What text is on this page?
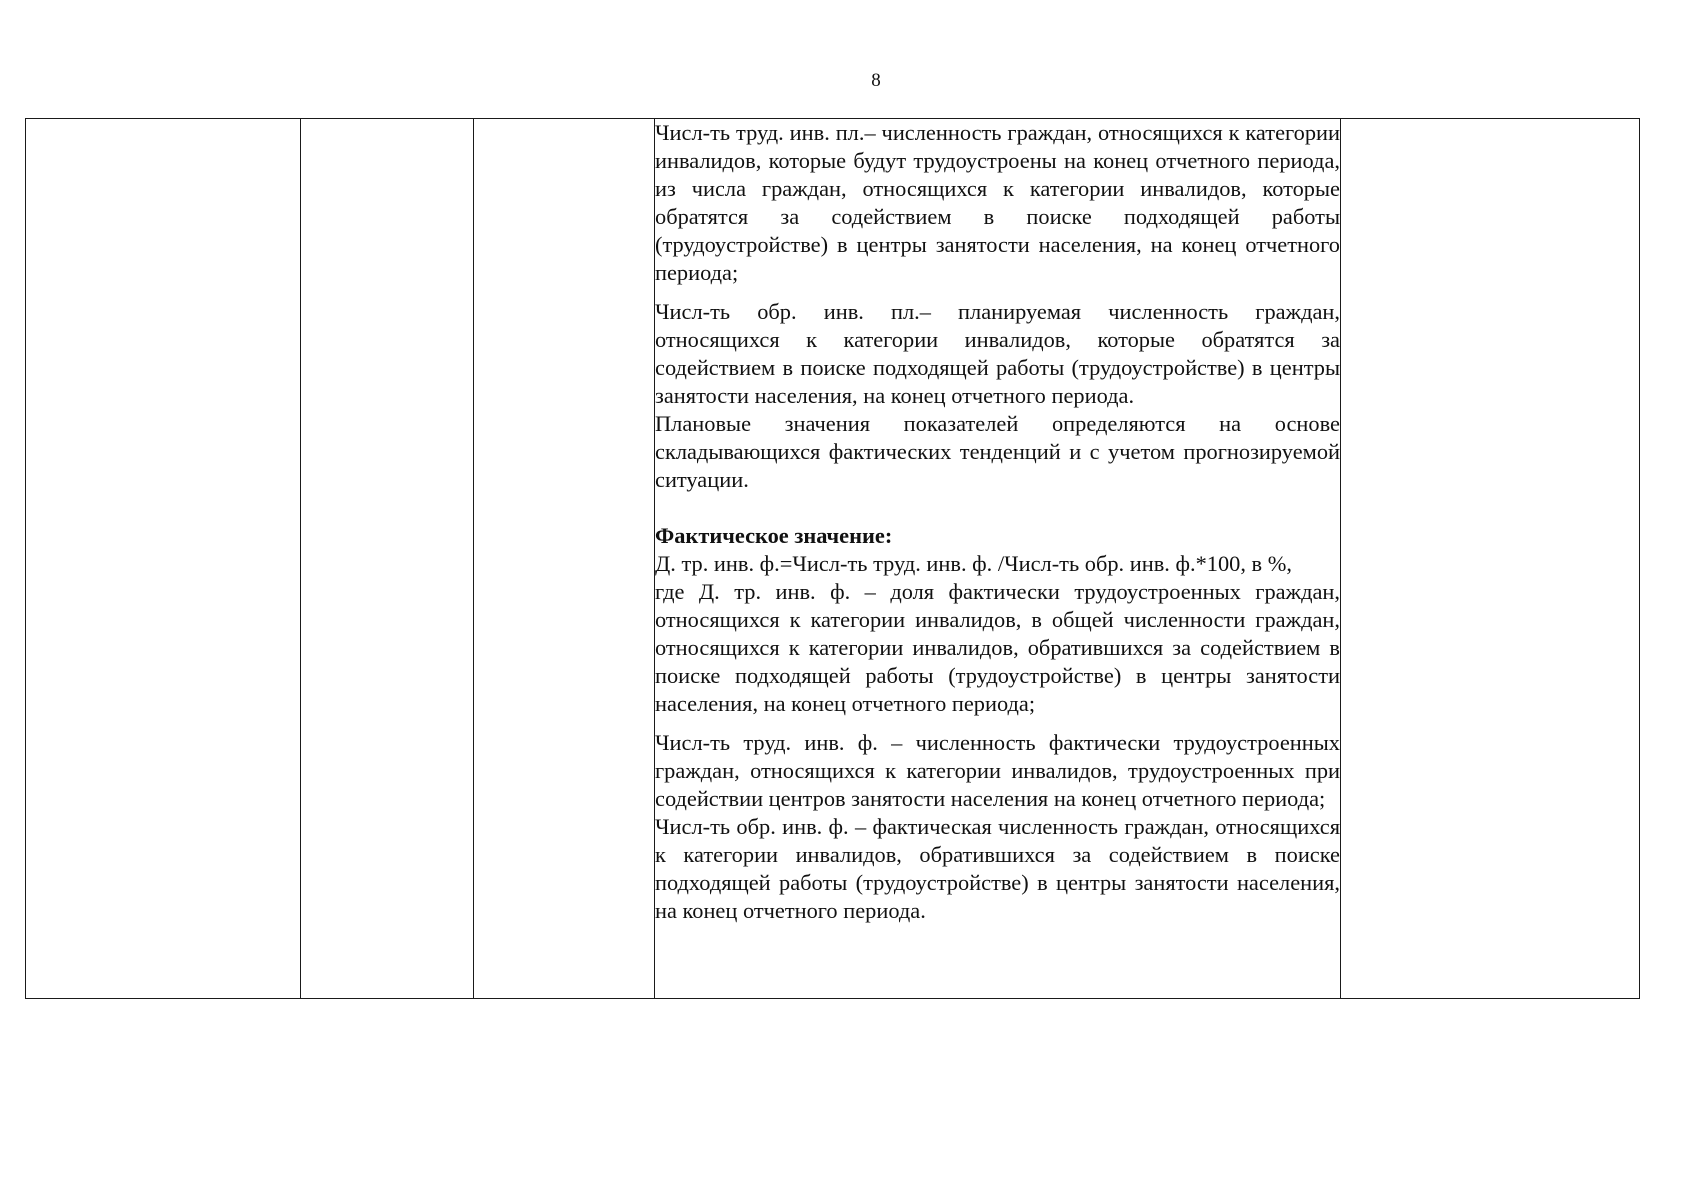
8

Числ-ть труд. инв. пл.– численность граждан, относящихся к категории инвалидов, которые будут трудоустроены на конец отчетного периода, из числа граждан, относящихся к категории инвалидов, которые обратятся за содействием в поиске подходящей работы (трудоустройстве) в центры занятости населения, на конец отчетного периода;

Числ-ть обр. инв. пл.– планируемая численность граждан, относящихся к категории инвалидов, которые обратятся за содействием в поиске подходящей работы (трудоустройстве) в центры занятости населения, на конец отчетного периода.

Плановые значения показателей определяются на основе складывающихся фактических тенденций и с учетом прогнозируемой ситуации.

Фактическое значение:

Д. тр. инв. ф.=Числ-ть труд. инв. ф. /Числ-ть обр. инв. ф.*100, в %,

где Д. тр. инв. ф. – доля фактически трудоустроенных граждан, относящихся к категории инвалидов, в общей численности граждан, относящихся к категории инвалидов, обратившихся за содействием в поиске подходящей работы (трудоустройстве) в центры занятости населения, на конец отчетного периода;

Числ-ть труд. инв. ф. – численность фактически трудоустроенных граждан, относящихся к категории инвалидов, трудоустроенных при содействии центров занятости населения на конец отчетного периода;

Числ-ть обр. инв. ф. – фактическая численность граждан, относящихся к категории инвалидов, обратившихся за содействием в поиске подходящей работы (трудоустройстве) в центры занятости населения, на конец отчетного периода.
